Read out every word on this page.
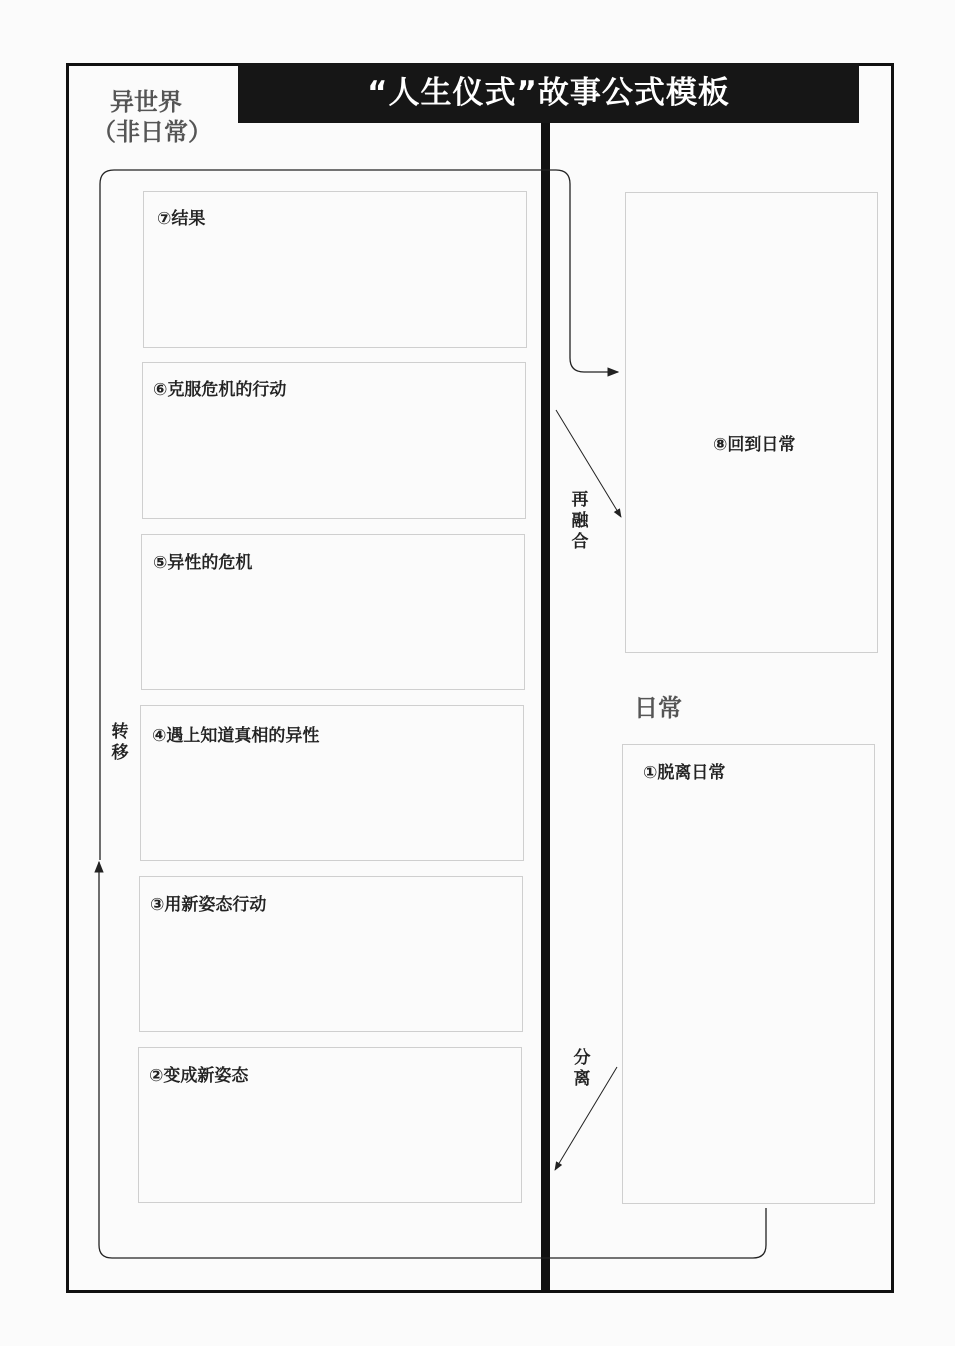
“人生仪式”故事公式模板
异世界
（非日常）
日常
⑦结果
⑥克服危机的行动
⑤异性的危机
④遇上知道真相的异性
③用新姿态行动
②变成新姿态
⑧回到日常
①脱离日常
再融合
转移
分离
